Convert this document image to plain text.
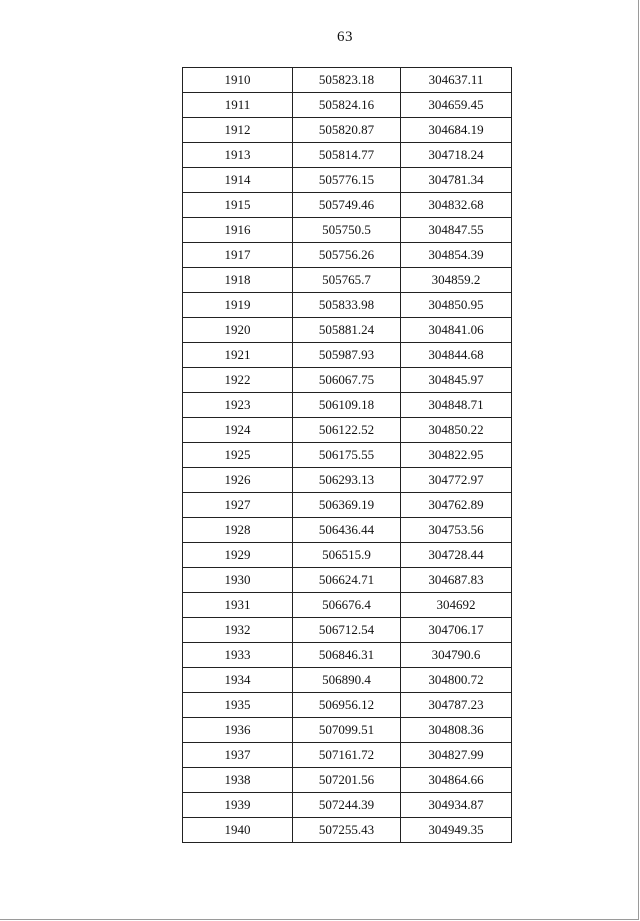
63
1910	505823.18	304637.11
1911	505824.16	304659.45
1912	505820.87	304684.19
1913	505814.77	304718.24
1914	505776.15	304781.34
1915	505749.46	304832.68
1916	505750.5	304847.55
1917	505756.26	304854.39
1918	505765.7	304859.2
1919	505833.98	304850.95
1920	505881.24	304841.06
1921	505987.93	304844.68
1922	506067.75	304845.97
1923	506109.18	304848.71
1924	506122.52	304850.22
1925	506175.55	304822.95
1926	506293.13	304772.97
1927	506369.19	304762.89
1928	506436.44	304753.56
1929	506515.9	304728.44
1930	506624.71	304687.83
1931	506676.4	304692
1932	506712.54	304706.17
1933	506846.31	304790.6
1934	506890.4	304800.72
1935	506956.12	304787.23
1936	507099.51	304808.36
1937	507161.72	304827.99
1938	507201.56	304864.66
1939	507244.39	304934.87
1940	507255.43	304949.35
